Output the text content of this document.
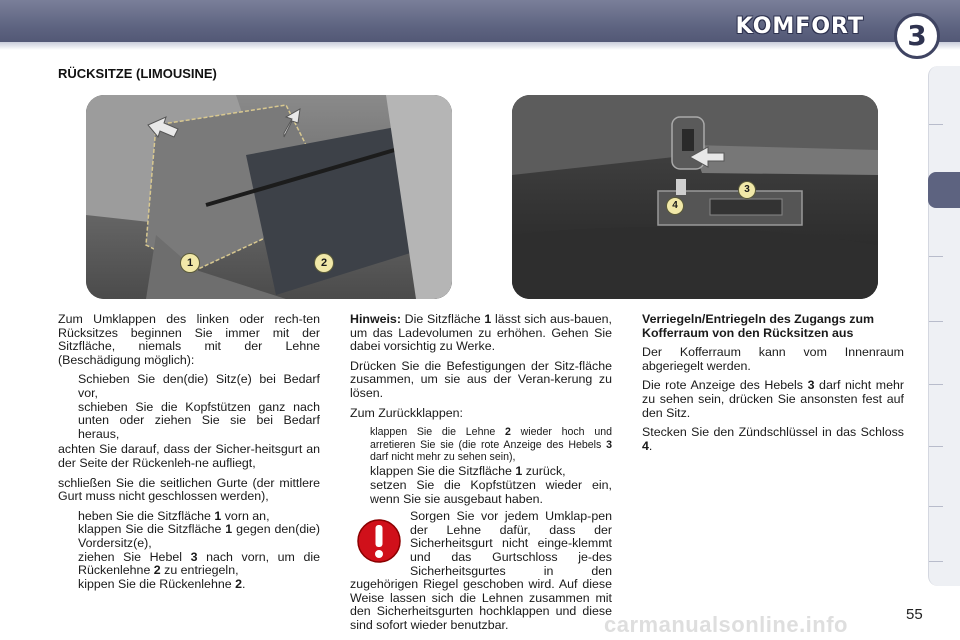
KOMFORT	3
RÜCKSITZE (LIMOUSINE)
1	2
3
4

Zum Umklappen des linken oder rech-ten Rücksitzes beginnen Sie immer mit der Sitzfläche, niemals mit der Lehne (Beschädigung möglich):

Schieben Sie den(die) Sitz(e) bei Bedarf vor,
schieben Sie die Kopfstützen ganz nach unten oder ziehen Sie sie bei Bedarf heraus,

achten Sie darauf, dass der Sicher-heitsgurt an der Seite der Rückenleh-ne aufliegt,

schließen Sie die seitlichen Gurte (der mittlere Gurt muss nicht geschlossen werden),

heben Sie die Sitzfläche 1 vorn an,
klappen Sie die Sitzfläche 1 gegen den(die) Vordersitz(e),
ziehen Sie Hebel 3 nach vorn, um die Rückenlehne 2 zu entriegeln,
kippen Sie die Rückenlehne 2.

Hinweis: Die Sitzfläche 1 lässt sich aus-bauen, um das Ladevolumen zu erhöhen. Gehen Sie dabei vorsichtig zu Werke.

Drücken Sie die Befestigungen der Sitz-fläche zusammen, um sie aus der Veran-kerung zu lösen.

Zum Zurückklappen:

klappen Sie die Lehne 2 wieder hoch und arretieren Sie sie (die rote Anzeige des Hebels 3 darf nicht mehr zu sehen sein),
klappen Sie die Sitzfläche 1 zurück,
setzen Sie die Kopfstützen wieder ein, wenn Sie sie ausgebaut haben.
Sorgen Sie vor jedem Umklap-pen der Lehne dafür, dass der Sicherheitsgurt nicht einge-klemmt und das Gurtschloss je-des Sicherheitsgurtes in den zugehörigen Riegel geschoben wird. Auf diese Weise lassen sich die Lehnen zusammen mit den Sicherheitsgurten hochklappen und diese sind sofort wieder benutzbar.

Verriegeln/Entriegeln des Zugangs zum Kofferraum von den Rücksitzen aus

Der Kofferraum kann vom Innenraum abgeriegelt werden.

Die rote Anzeige des Hebels 3 darf nicht mehr zu sehen sein, drücken Sie ansonsten fest auf den Sitz.

Stecken Sie den Zündschlüssel in das Schloss 4.

carmanualsonline.info	55
